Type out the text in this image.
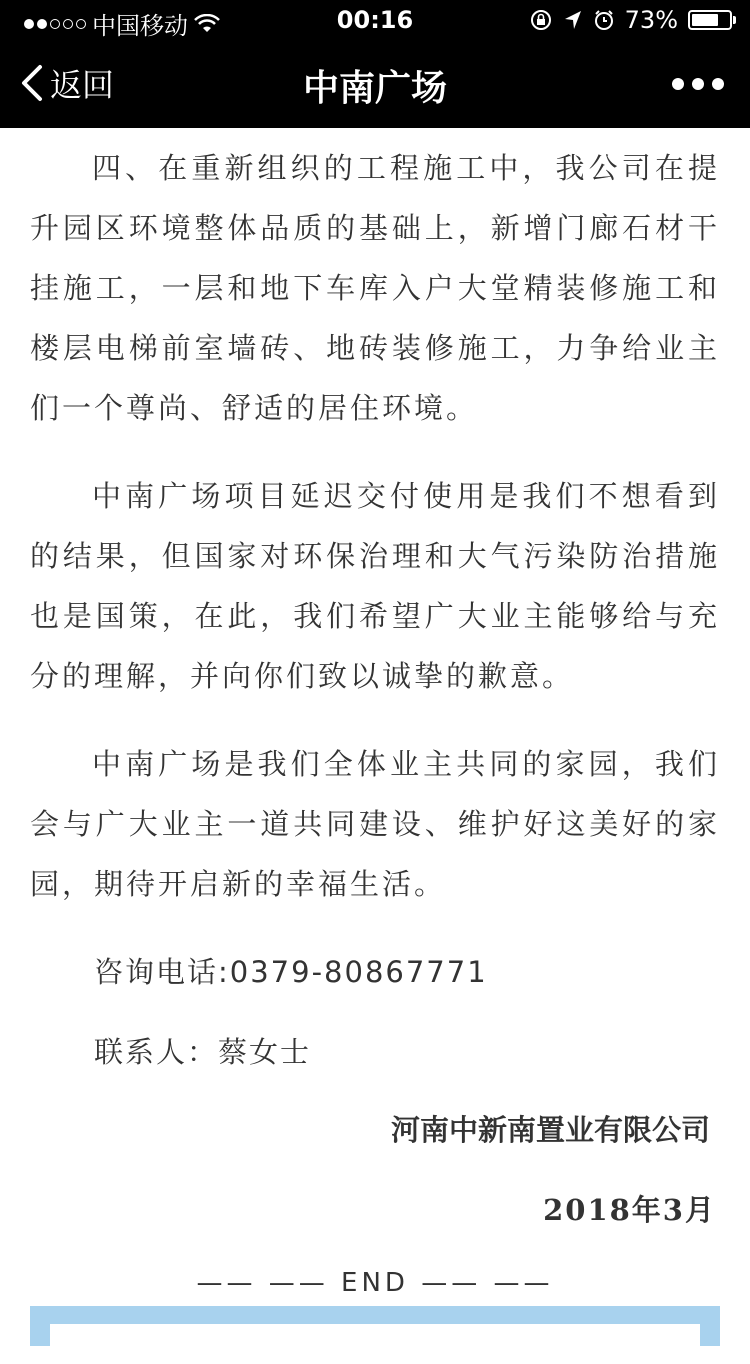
中国移动	00:16	73%
返回	中南广场

四、在重新组织的工程施工中，我公司在提升园区环境整体品质的基础上，新增门廊石材干挂施工，一层和地下车库入户大堂精装修施工和楼层电梯前室墙砖、地砖装修施工，力争给业主们一个尊尚、舒适的居住环境。

中南广场项目延迟交付使用是我们不想看到的结果，但国家对环保治理和大气污染防治措施也是国策，在此，我们希望广大业主能够给与充分的理解，并向你们致以诚挚的歉意。

中南广场是我们全体业主共同的家园，我们会与广大业主一道共同建设、维护好这美好的家园，期待开启新的幸福生活。

咨询电话:0379-80867771

联系人：蔡女士

河南中新南置业有限公司

2018年3月

—— —— END —— ——
